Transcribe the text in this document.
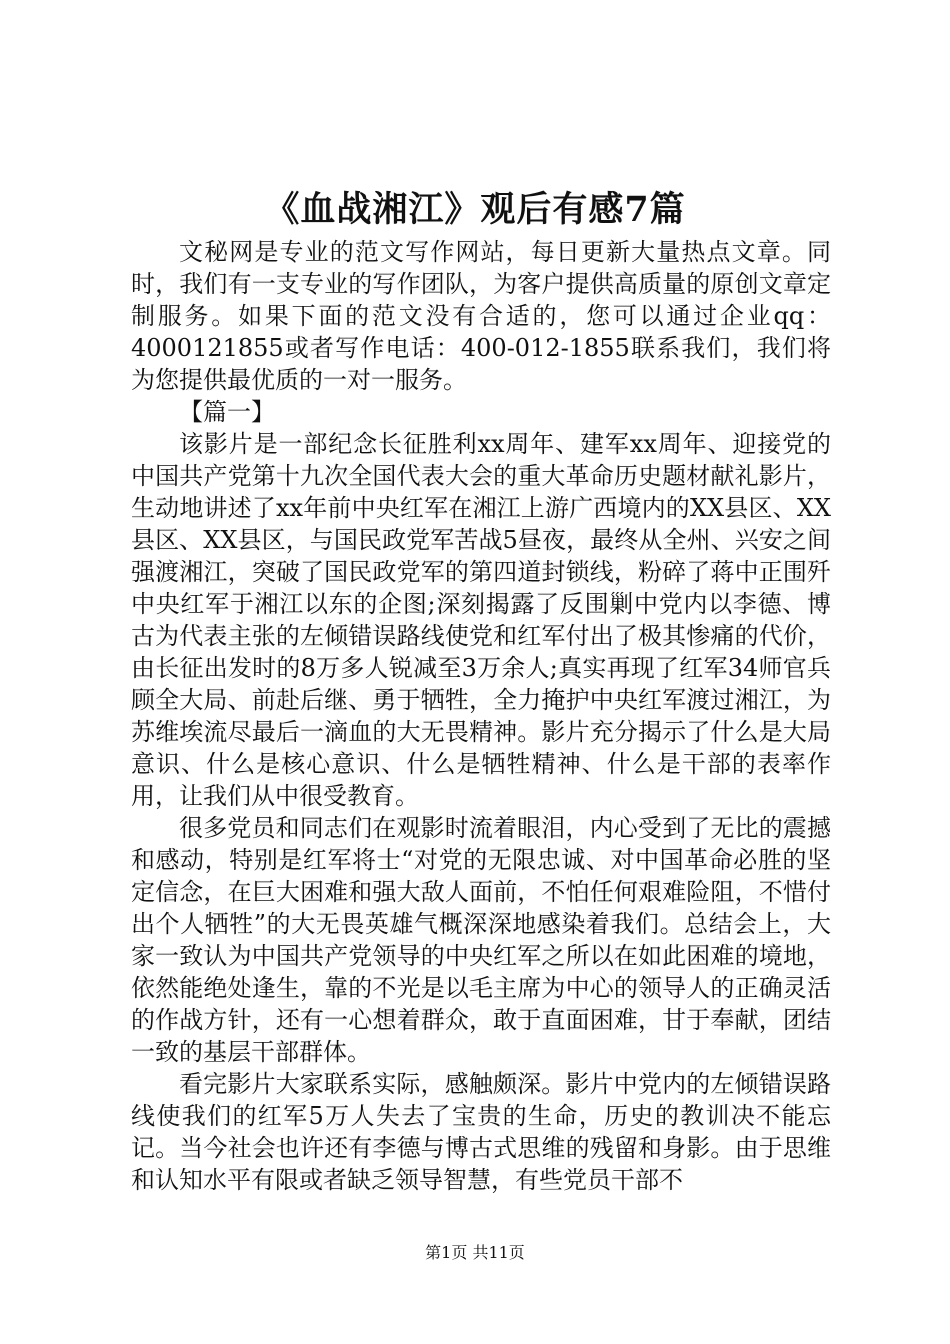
《血战湘江》观后有感7篇

文秘网是专业的范文写作网站，每日更新大量热点文章。同时，我们有一支专业的写作团队，为客户提供高质量的原创文章定制服务。如果下面的范文没有合适的，您可以通过企业qq：4000121855或者写作电话：400-012-1855联系我们，我们将为您提供最优质的一对一服务。

【篇一】

该影片是一部纪念长征胜利xx周年、建军xx周年、迎接党的中国共产党第十九次全国代表大会的重大革命历史题材献礼影片，生动地讲述了xx年前中央红军在湘江上游广西境内的XX县区、XX县区、XX县区，与国民政党军苦战5昼夜，最终从全州、兴安之间强渡湘江，突破了国民政党军的第四道封锁线，粉碎了蒋中正围歼中央红军于湘江以东的企图;深刻揭露了反围剿中党内以李德、博古为代表主张的左倾错误路线使党和红军付出了极其惨痛的代价，由长征出发时的8万多人锐减至3万余人;真实再现了红军34师官兵顾全大局、前赴后继、勇于牺牲，全力掩护中央红军渡过湘江，为苏维埃流尽最后一滴血的大无畏精神。影片充分揭示了什么是大局意识、什么是核心意识、什么是牺牲精神、什么是干部的表率作用，让我们从中很受教育。

很多党员和同志们在观影时流着眼泪，内心受到了无比的震撼和感动，特别是红军将士“对党的无限忠诚、对中国革命必胜的坚定信念，在巨大困难和强大敌人面前，不怕任何艰难险阻，不惜付出个人牺牲”的大无畏英雄气概深深地感染着我们。总结会上，大家一致认为中国共产党领导的中央红军之所以在如此困难的境地，依然能绝处逢生，靠的不光是以毛主席为中心的领导人的正确灵活的作战方针，还有一心想着群众，敢于直面困难，甘于奉献，团结一致的基层干部群体。

看完影片大家联系实际，感触颇深。影片中党内的左倾错误路线使我们的红军5万人失去了宝贵的生命，历史的教训决不能忘记。当今社会也许还有李德与博古式思维的残留和身影。由于思维和认知水平有限或者缺乏领导智慧，有些党员干部不

第1页 共11页
